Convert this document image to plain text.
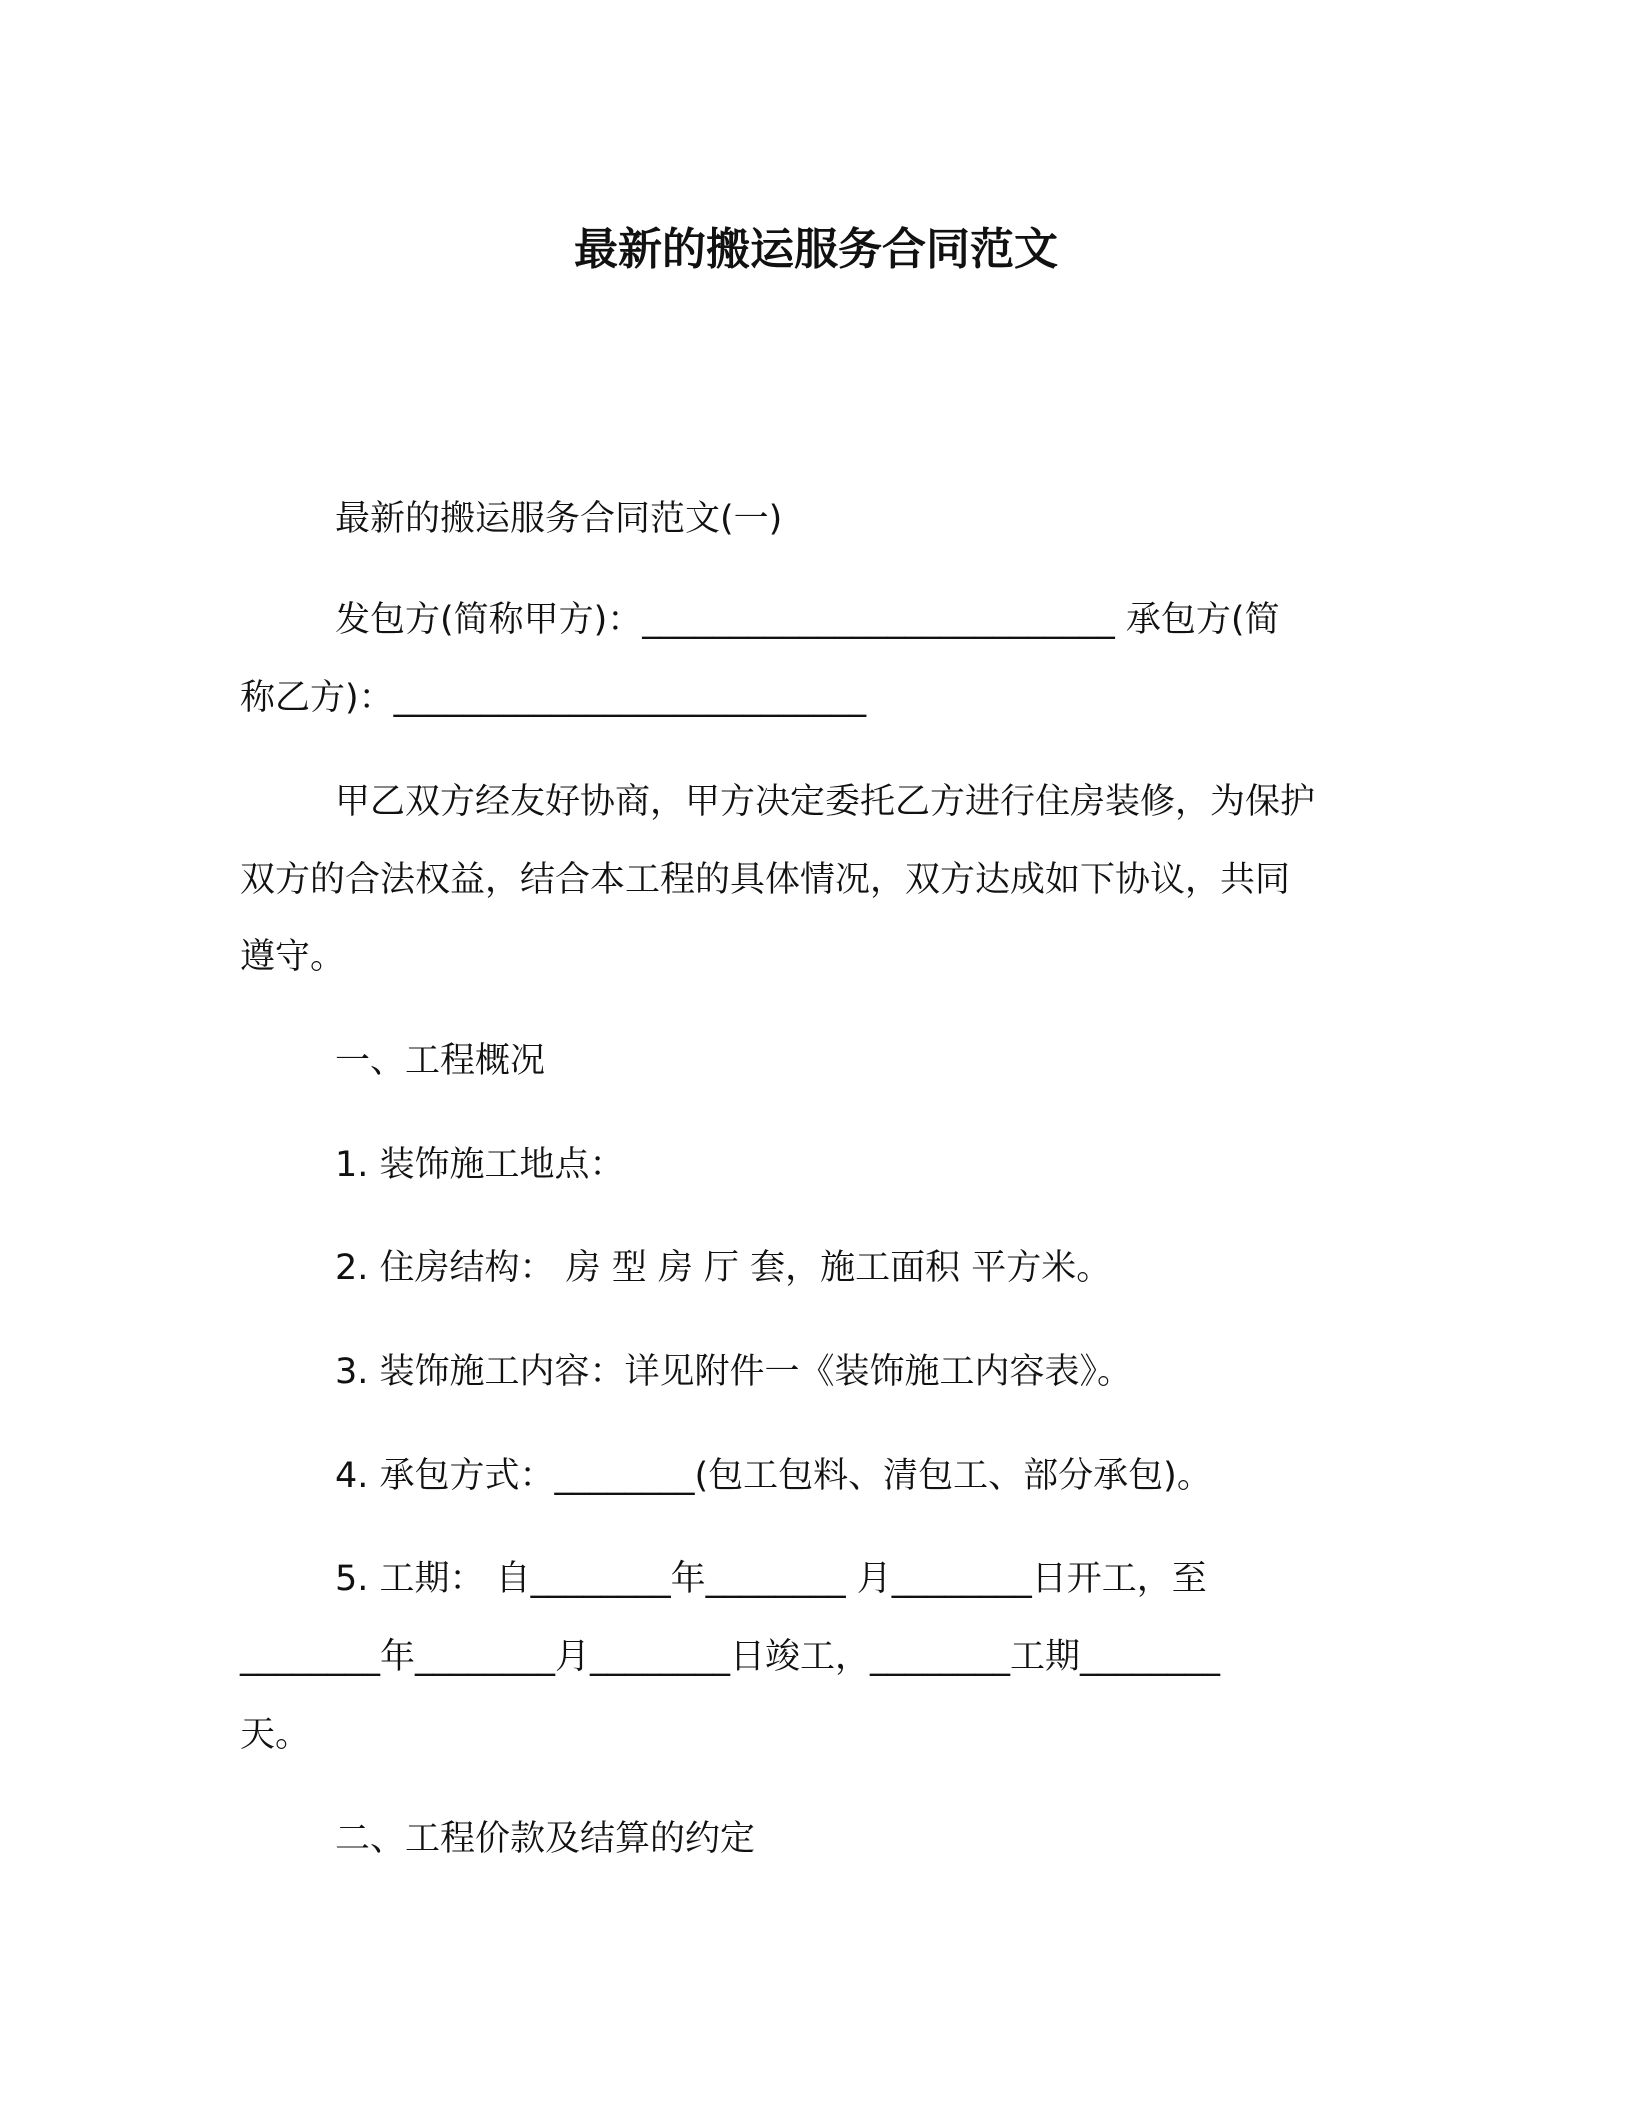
最新的搬运服务合同范文
最新的搬运服务合同范文(一)
发包方(简称甲方)：___________________________ 承包方(简
称乙方)：___________________________
甲乙双方经友好协商，甲方决定委托乙方进行住房装修，为保护
双方的合法权益，结合本工程的具体情况，双方达成如下协议，共同
遵守。
一、工程概况
1. 装饰施工地点：
2. 住房结构： 房 型 房 厅 套，施工面积 平方米。
3. 装饰施工内容：详见附件一《装饰施工内容表》。
4. 承包方式：________(包工包料、清包工、部分承包)。
5. 工期： 自________年________ 月________日开工，至
________年________月________日竣工，________工期________
天。
二、工程价款及结算的约定
